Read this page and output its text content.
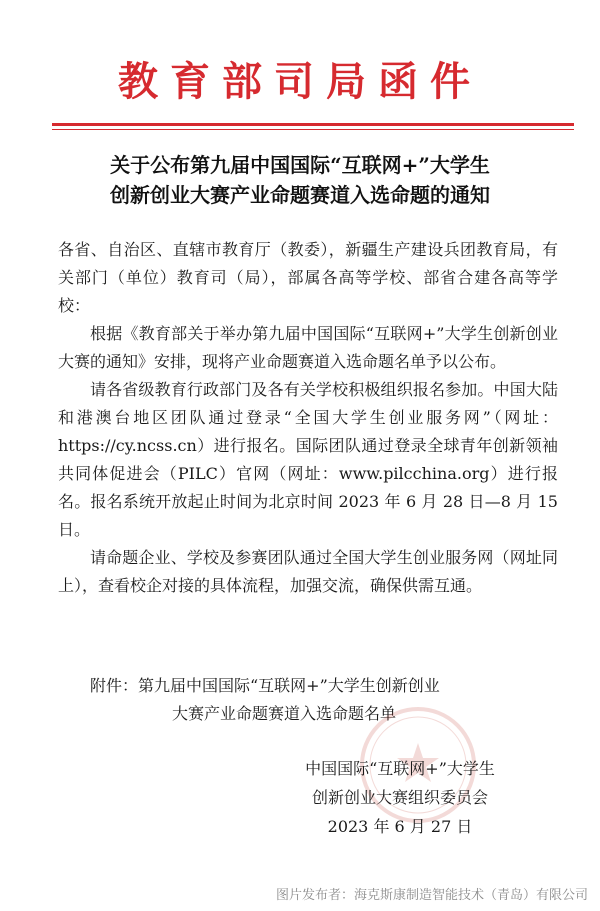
教育部司局函件
关于公布第九届中国国际“互联网+”大学生
创新创业大赛产业命题赛道入选命题的通知

各省、自治区、直辖市教育厅（教委），新疆生产建设兵团教育局，有关部门（单位）教育司（局），部属各高等学校、部省合建各高等学校：

根据《教育部关于举办第九届中国国际“互联网+”大学生创新创业大赛的通知》安排，现将产业命题赛道入选命题名单予以公布。

请各省级教育行政部门及各有关学校积极组织报名参加。中国大陆和港澳台地区团队通过登录“全国大学生创业服务网”（网址：https://cy.ncss.cn）进行报名。国际团队通过登录全球青年创新领袖共同体促进会（PILC）官网（网址：www.pilcchina.org）进行报名。报名系统开放起止时间为北京时间 2023 年 6 月 28 日—8 月 15 日。

请命题企业、学校及参赛团队通过全国大学生创业服务网（网址同上），查看校企对接的具体流程，加强交流，确保供需互通。

附件：第九届中国国际“互联网+”大学生创新创业
大赛产业命题赛道入选命题名单
中国国际“互联网+”大学生
创新创业大赛组织委员会
2023 年 6 月 27 日
图片发布者：海克斯康制造智能技术（青岛）有限公司
